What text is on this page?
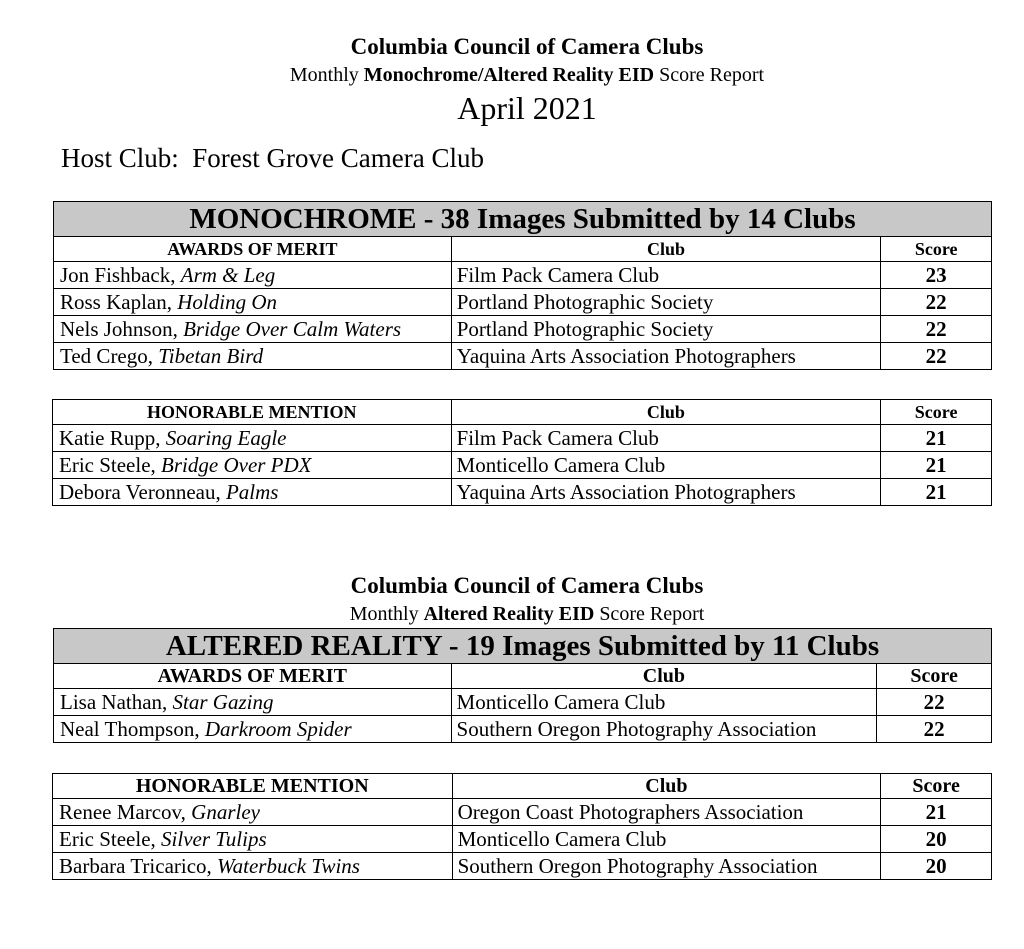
Columbia Council of Camera Clubs
Monthly Monochrome/Altered Reality EID Score Report
April 2021
Host Club: Forest Grove Camera Club
MONOCHROME - 38 Images Submitted by 14 Clubs		
AWARDS OF MERIT	Club	Score
Jon Fishback, Arm & Leg	Film Pack Camera Club	23
Ross Kaplan, Holding On	Portland Photographic Society	22
Nels Johnson, Bridge Over Calm Waters	Portland Photographic Society	22
Ted Crego, Tibetan Bird	Yaquina Arts Association Photographers	22
HONORABLE MENTION	Club	Score
Katie Rupp, Soaring Eagle	Film Pack Camera Club	21
Eric Steele, Bridge Over PDX	Monticello Camera Club	21
Debora Veronneau, Palms	Yaquina Arts Association Photographers	21
Columbia Council of Camera Clubs
Monthly Altered Reality EID Score Report
ALTERED REALITY - 19 Images Submitted by 11 Clubs		
AWARDS OF MERIT	Club	Score
Lisa Nathan, Star Gazing	Monticello Camera Club	22
Neal Thompson, Darkroom Spider	Southern Oregon Photography Association	22
HONORABLE MENTION	Club	Score
Renee Marcov, Gnarley	Oregon Coast Photographers Association	21
Eric Steele, Silver Tulips	Monticello Camera Club	20
Barbara Tricarico, Waterbuck Twins	Southern Oregon Photography Association	20
